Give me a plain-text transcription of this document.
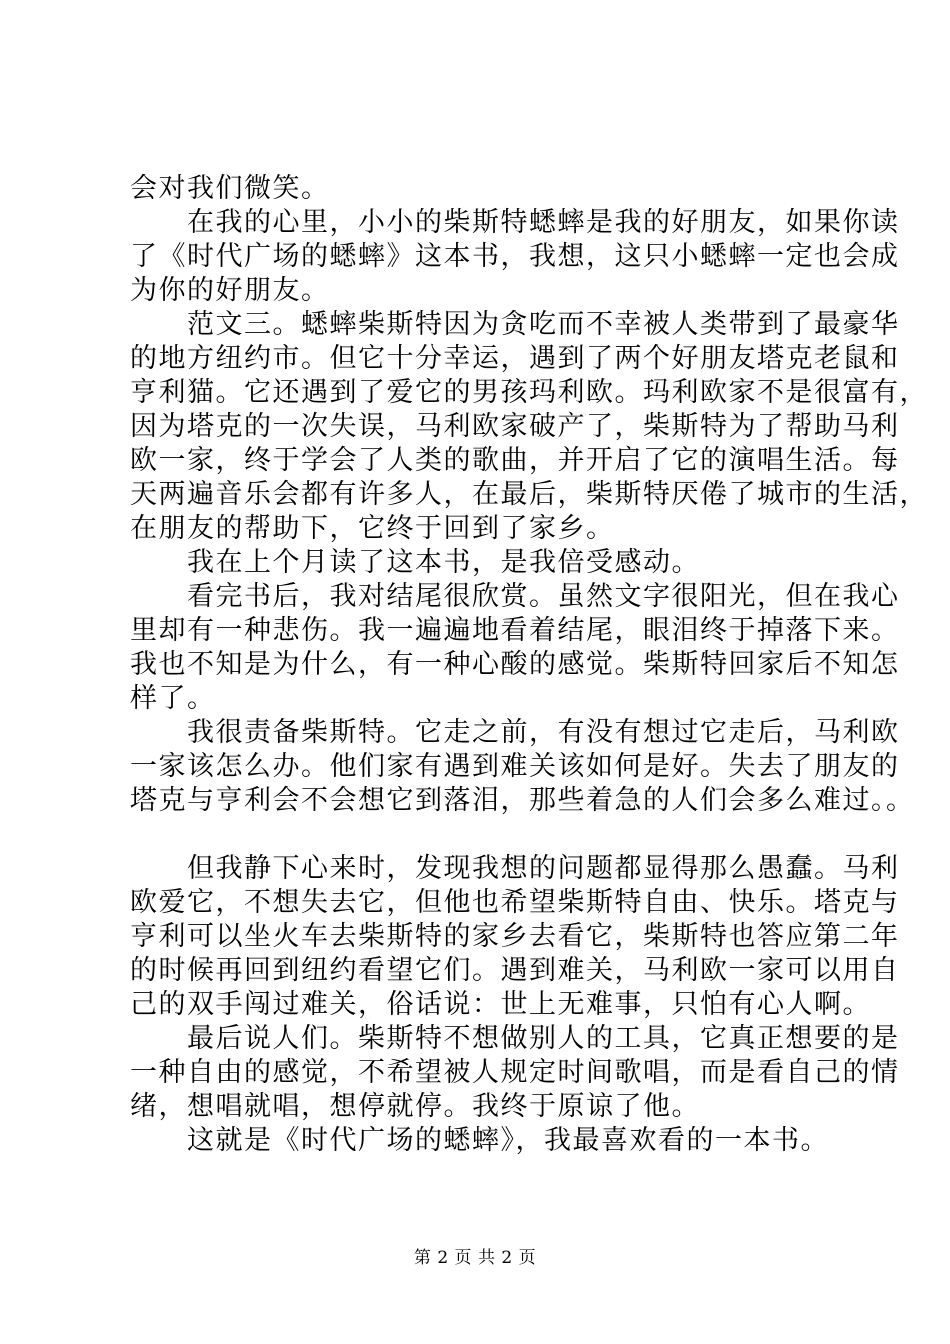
会对我们微笑。
　　在我的心里，小小的柴斯特蟋蟀是我的好朋友，如果你读
了《时代广场的蟋蟀》这本书，我想，这只小蟋蟀一定也会成
为你的好朋友。
　　范文三。蟋蟀柴斯特因为贪吃而不幸被人类带到了最豪华
的地方纽约市。但它十分幸运，遇到了两个好朋友塔克老鼠和
亨利猫。它还遇到了爱它的男孩玛利欧。玛利欧家不是很富有，
因为塔克的一次失误，马利欧家破产了，柴斯特为了帮助马利
欧一家，终于学会了人类的歌曲，并开启了它的演唱生活。每
天两遍音乐会都有许多人，在最后，柴斯特厌倦了城市的生活，
在朋友的帮助下，它终于回到了家乡。
　　我在上个月读了这本书，是我倍受感动。
　　看完书后，我对结尾很欣赏。虽然文字很阳光，但在我心
里却有一种悲伤。我一遍遍地看着结尾，眼泪终于掉落下来。
我也不知是为什么，有一种心酸的感觉。柴斯特回家后不知怎
样了。
　　我很责备柴斯特。它走之前，有没有想过它走后，马利欧
一家该怎么办。他们家有遇到难关该如何是好。失去了朋友的
塔克与亨利会不会想它到落泪，那些着急的人们会多么难过。。
　　但我静下心来时，发现我想的问题都显得那么愚蠢。马利
欧爱它，不想失去它，但他也希望柴斯特自由、快乐。塔克与
亨利可以坐火车去柴斯特的家乡去看它，柴斯特也答应第二年
的时候再回到纽约看望它们。遇到难关，马利欧一家可以用自
己的双手闯过难关，俗话说：世上无难事，只怕有心人啊。
　　最后说人们。柴斯特不想做别人的工具，它真正想要的是
一种自由的感觉，不希望被人规定时间歌唱，而是看自己的情
绪，想唱就唱，想停就停。我终于原谅了他。
　　这就是《时代广场的蟋蟀》，我最喜欢看的一本书。
第 2 页 共 2 页
